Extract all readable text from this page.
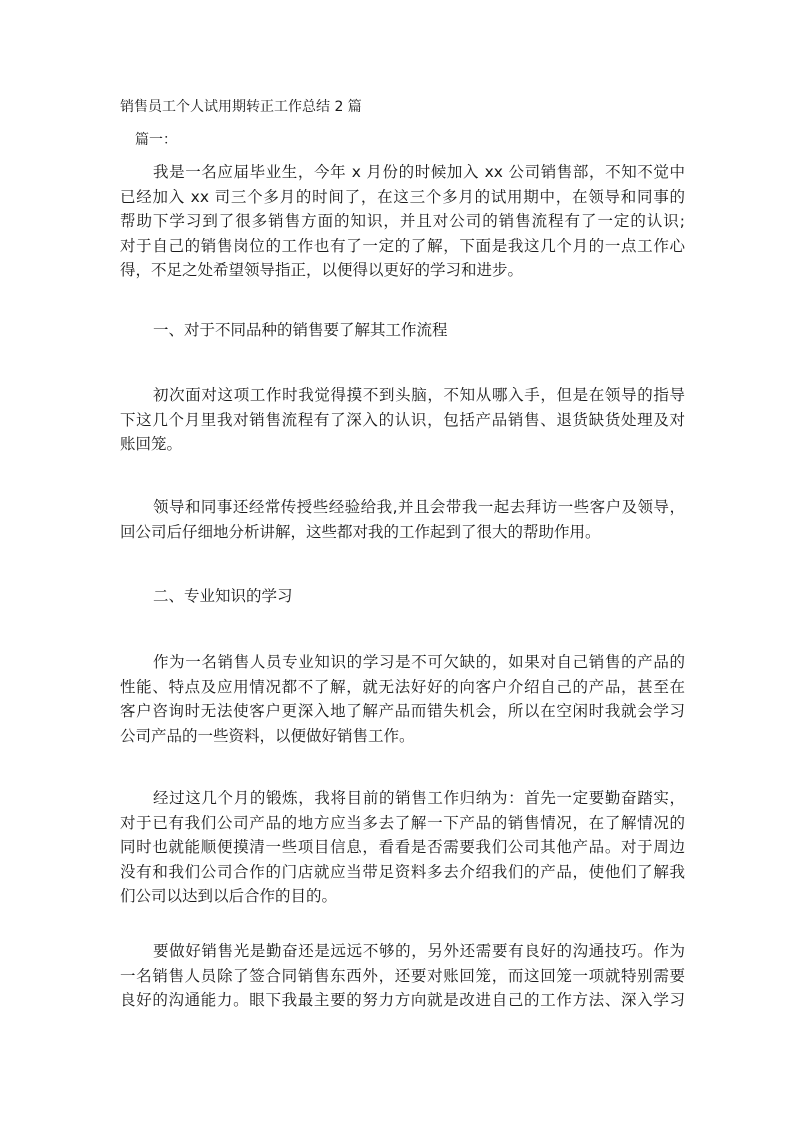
销售员工个人试用期转正工作总结 2 篇
篇一：
我是一名应届毕业生，今年 x 月份的时候加入 xx 公司销售部，不知不觉中
已经加入 xx 司三个多月的时间了，在这三个多月的试用期中，在领导和同事的
帮助下学习到了很多销售方面的知识，并且对公司的销售流程有了一定的认识;
对于自己的销售岗位的工作也有了一定的了解，下面是我这几个月的一点工作心
得，不足之处希望领导指正，以便得以更好的学习和进步。
一、对于不同品种的销售要了解其工作流程
初次面对这项工作时我觉得摸不到头脑，不知从哪入手，但是在领导的指导
下这几个月里我对销售流程有了深入的认识，包括产品销售、退货缺货处理及对
账回笼。
领导和同事还经常传授些经验给我,并且会带我一起去拜访一些客户及领导，
回公司后仔细地分析讲解，这些都对我的工作起到了很大的帮助作用。
二、专业知识的学习
作为一名销售人员专业知识的学习是不可欠缺的，如果对自己销售的产品的
性能、特点及应用情况都不了解，就无法好好的向客户介绍自己的产品，甚至在
客户咨询时无法使客户更深入地了解产品而错失机会，所以在空闲时我就会学习
公司产品的一些资料，以便做好销售工作。
经过这几个月的锻炼，我将目前的销售工作归纳为：首先一定要勤奋踏实，
对于已有我们公司产品的地方应当多去了解一下产品的销售情况，在了解情况的
同时也就能顺便摸清一些项目信息，看看是否需要我们公司其他产品。对于周边
没有和我们公司合作的门店就应当带足资料多去介绍我们的产品，使他们了解我
们公司以达到以后合作的目的。
要做好销售光是勤奋还是远远不够的，另外还需要有良好的沟通技巧。作为
一名销售人员除了签合同销售东西外，还要对账回笼，而这回笼一项就特别需要
良好的沟通能力。眼下我最主要的努力方向就是改进自己的工作方法、深入学习
